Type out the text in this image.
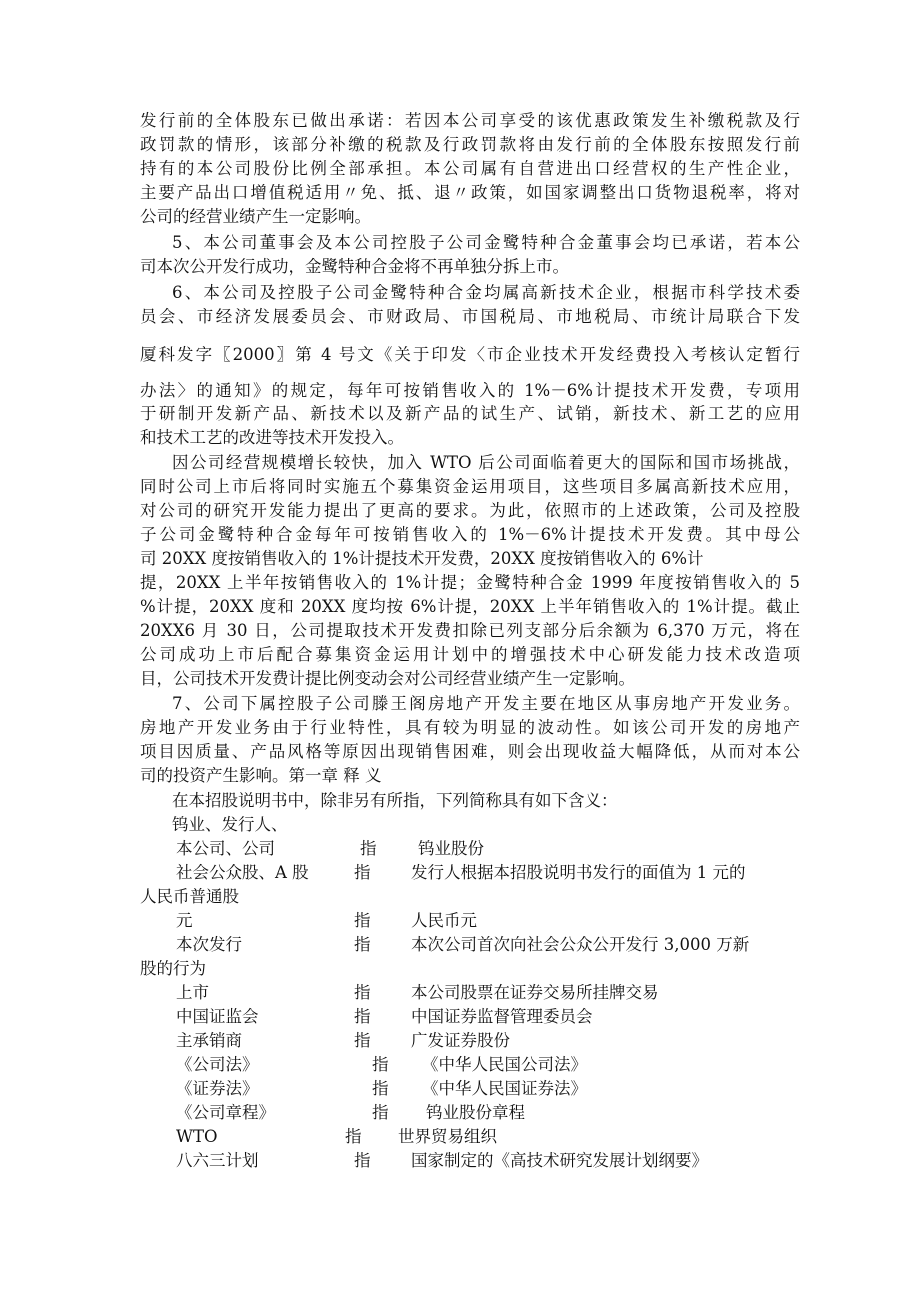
发行前的全体股东已做出承诺：若因本公司享受的该优惠政策发生补缴税款及行
政罚款的情形，该部分补缴的税款及行政罚款将由发行前的全体股东按照发行前
持有的本公司股份比例全部承担。本公司属有自营进出口经营权的生产性企业，
主要产品出口增值税适用〃免、抵、退〃政策，如国家调整出口货物退税率，将对
公司的经营业绩产生一定影响。
5、本公司董事会及本公司控股子公司金鹭特种合金董事会均已承诺，若本公
司本次公开发行成功，金鹭特种合金将不再单独分拆上市。
6、本公司及控股子公司金鹭特种合金均属高新技术企业，根据市科学技术委
员会、市经济发展委员会、市财政局、市国税局、市地税局、市统计局联合下发
厦科发字〖2000〗第 4 号文《关于印发〈市企业技术开发经费投入考核认定暂行
办法〉的通知》的规定，每年可按销售收入的 1%－6%计提技术开发费，专项用
于研制开发新产品、新技术以及新产品的试生产、试销，新技术、新工艺的应用
和技术工艺的改进等技术开发投入。
因公司经营规模增长较快，加入 WTO 后公司面临着更大的国际和国市场挑战，
同时公司上市后将同时实施五个募集资金运用项目，这些项目多属高新技术应用，
对公司的研究开发能力提出了更高的要求。为此，依照市的上述政策，公司及控股
子公司金鹭特种合金每年可按销售收入的 1%－6%计提技术开发费。其中母公
司 20XX 度按销售收入的 1%计提技术开发费，20XX 度按销售收入的 6%计
提，20XX 上半年按销售收入的 1%计提；金鹭特种合金 1999 年度按销售收入的 5
%计提，20XX 度和 20XX 度均按 6%计提，20XX 上半年销售收入的 1%计提。截止
20XX6 月 30 日，公司提取技术开发费扣除已列支部分后余额为 6,370 万元，将在
公司成功上市后配合募集资金运用计划中的增强技术中心研发能力技术改造项
目，公司技术开发费计提比例变动会对公司经营业绩产生一定影响。
7、公司下属控股子公司滕王阁房地产开发主要在地区从事房地产开发业务。
房地产开发业务由于行业特性，具有较为明显的波动性。如该公司开发的房地产
项目因质量、产品风格等原因出现销售困难，则会出现收益大幅降低，从而对本公
司的投资产生影响。第一章 释 义
在本招股说明书中，除非另有所指，下列简称具有如下含义：
钨业、发行人、
本公司、公司	指	钨业股份
社会公众股、A 股	指 发行人根据本招股说明书发行的面值为 1 元的
人民币普通股
元	指 人民币元
本次发行	指 本次公司首次向社会公众公开发行 3,000 万新
股的行为
上市	指 本公司股票在证券交易所挂牌交易
中国证监会	指 中国证券监督管理委员会
主承销商	指 广发证券股份
《公司法》	指 《中华人民国公司法》
《证券法》	指 《中华人民国证券法》
《公司章程》	指 钨业股份章程
WTO	指 世界贸易组织
八六三计划	指 国家制定的《高技术研究发展计划纲要》
